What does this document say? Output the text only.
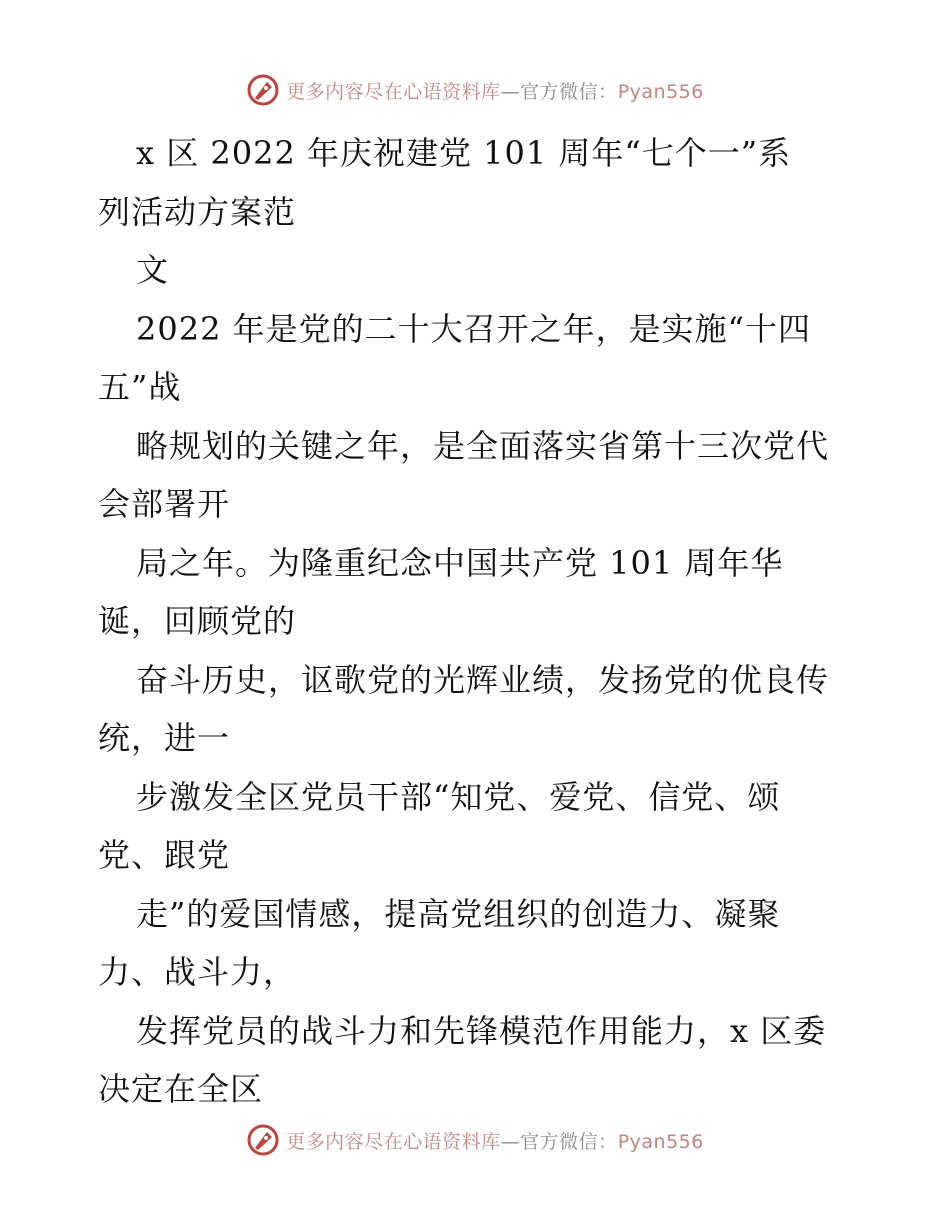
更多内容尽在心语资料库—官方微信：Pyan556
x 区 2022 年庆祝建党 101 周年“七个一”系
列活动方案范
文
2022 年是党的二十大召开之年，是实施“十四
五”战
略规划的关键之年，是全面落实省第十三次党代
会部署开
局之年。为隆重纪念中国共产党 101 周年华
诞，回顾党的
奋斗历史，讴歌党的光辉业绩，发扬党的优良传
统，进一
步激发全区党员干部“知党、爱党、信党、颂
党、跟党
走”的爱国情感，提高党组织的创造力、凝聚
力、战斗力，
发挥党员的战斗力和先锋模范作用能力，x 区委
决定在全区
更多内容尽在心语资料库—官方微信：Pyan556
